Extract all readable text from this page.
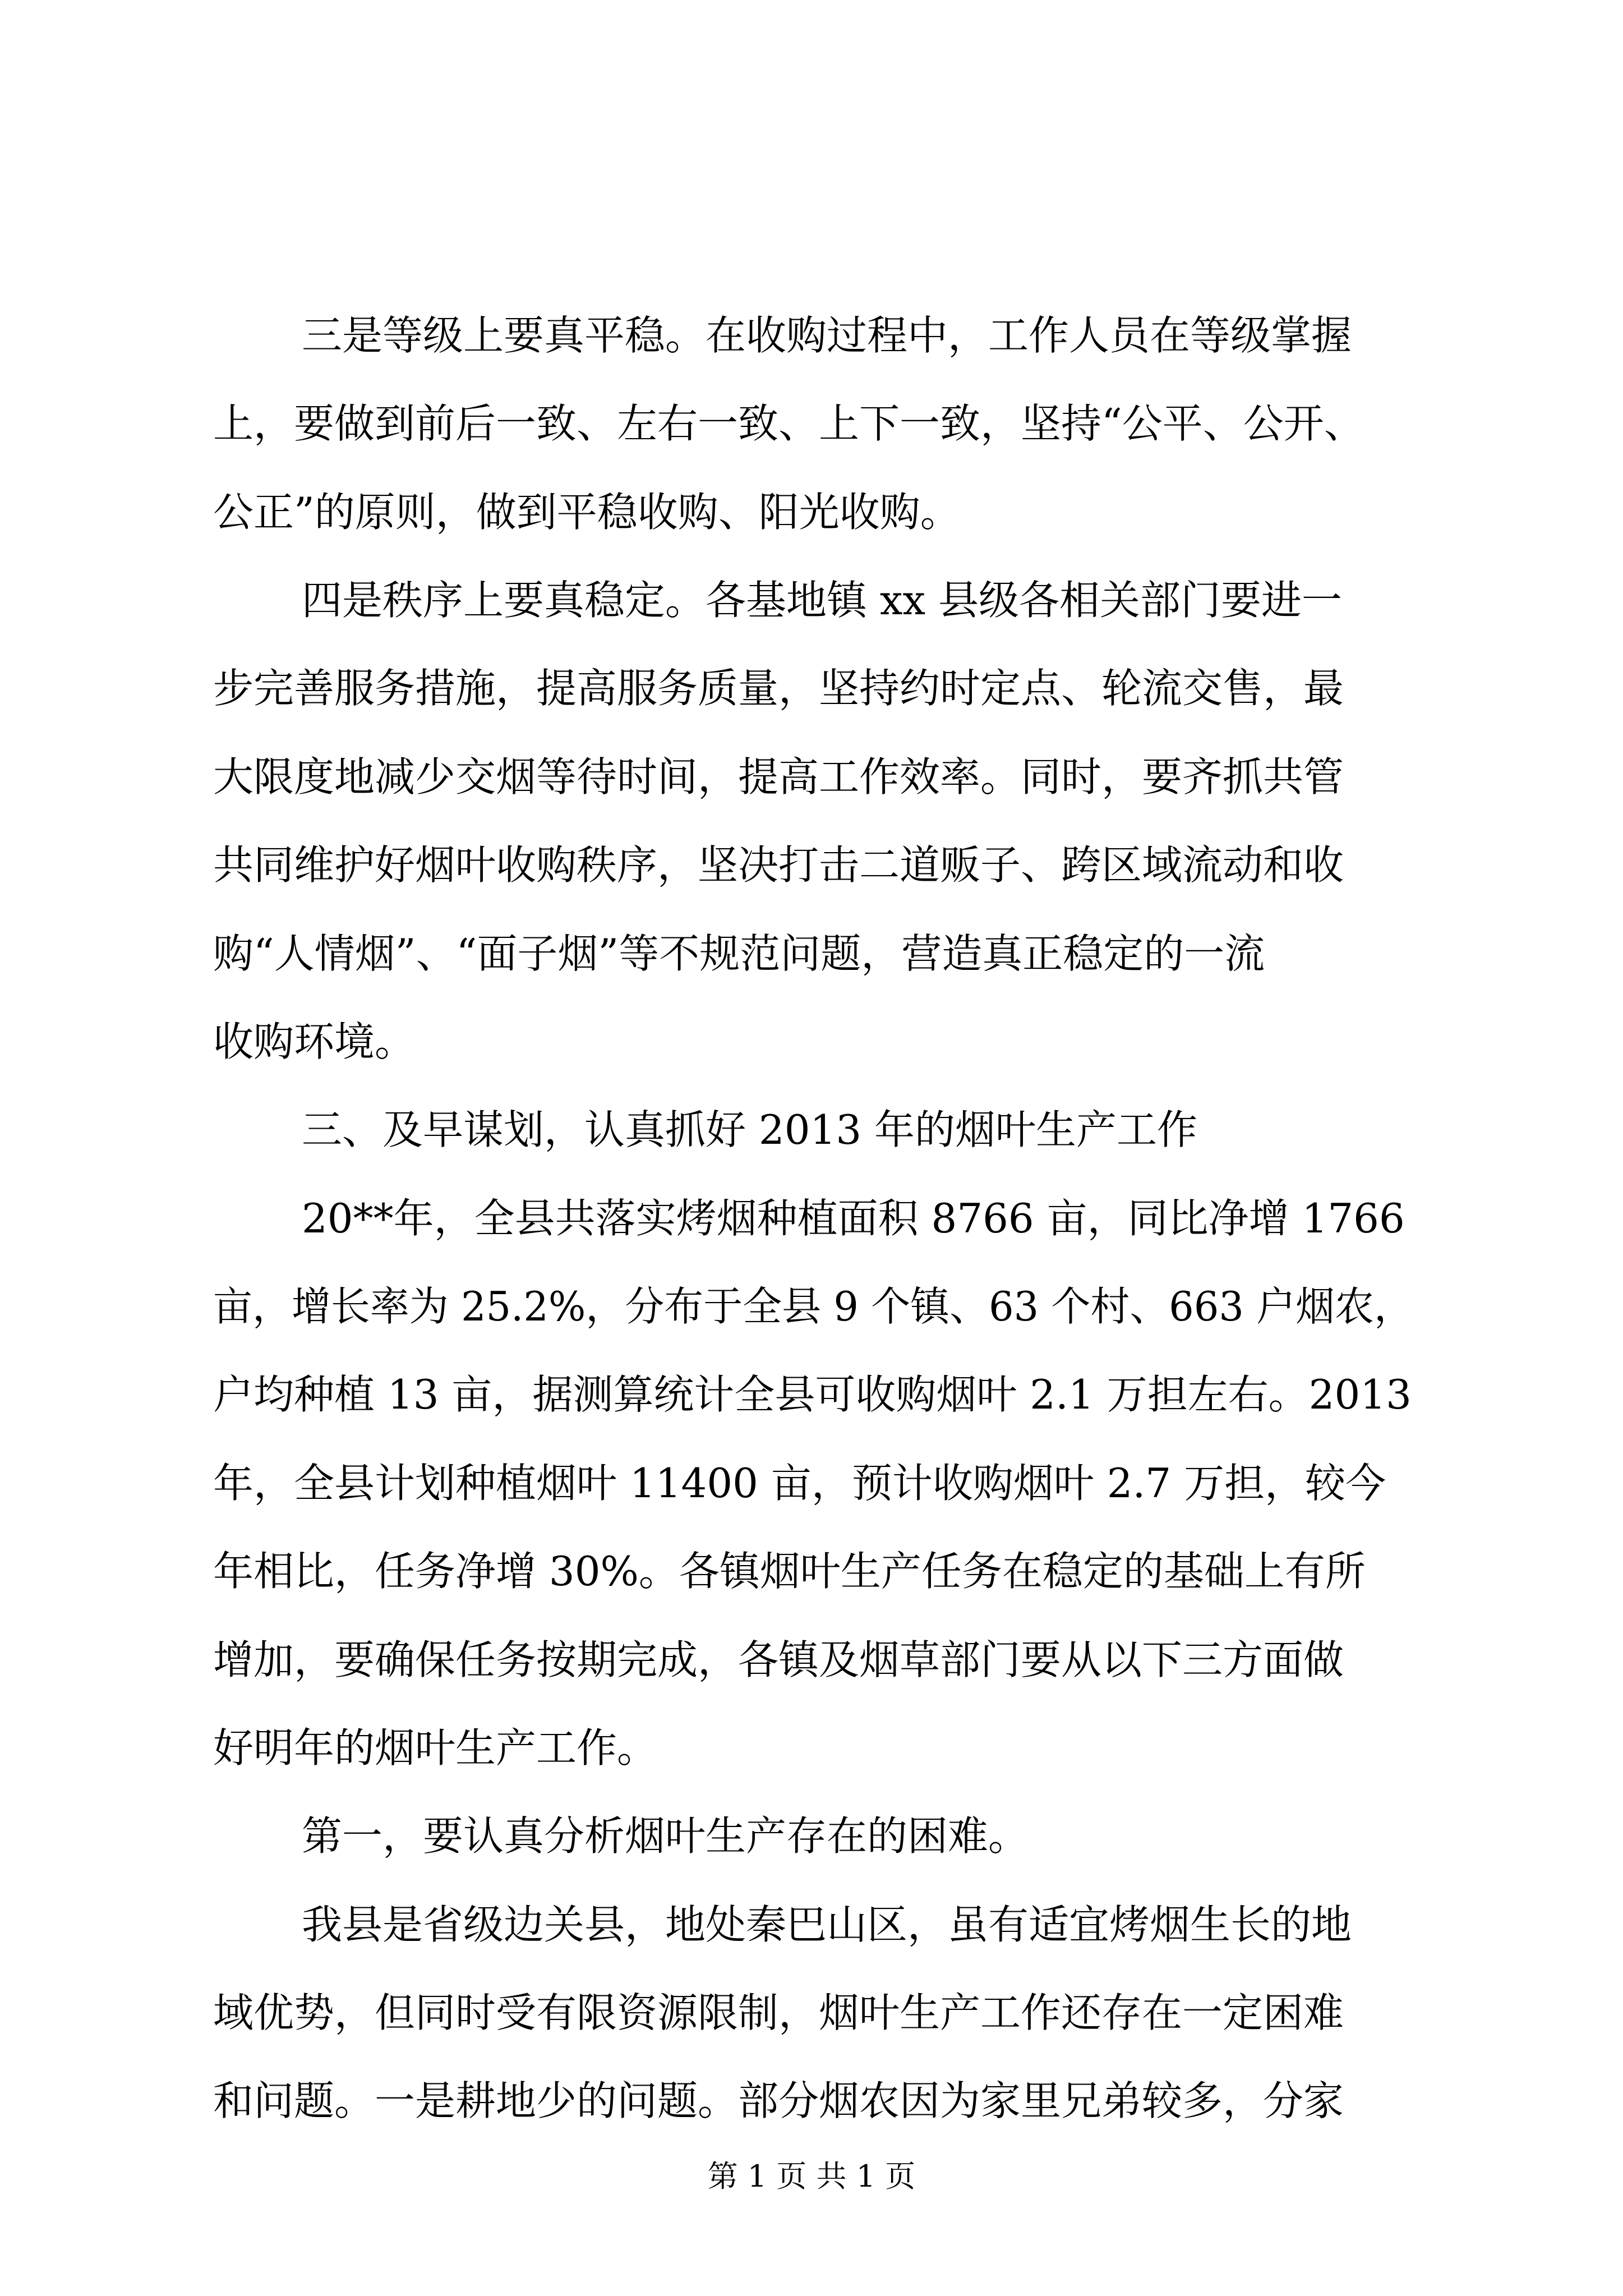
三是等级上要真平稳。在收购过程中，工作人员在等级掌握

上，要做到前后一致、左右一致、上下一致，坚持“公平、公开、

公正”的原则，做到平稳收购、阳光收购。

四是秩序上要真稳定。各基地镇 xx 县级各相关部门要进一

步完善服务措施，提高服务质量，坚持约时定点、轮流交售，最

大限度地减少交烟等待时间，提高工作效率。同时，要齐抓共管

共同维护好烟叶收购秩序，坚决打击二道贩子、跨区域流动和收

购“人情烟”、“面子烟”等不规范问题，营造真正稳定的一流

收购环境。

三、及早谋划，认真抓好 2013 年的烟叶生产工作

20**年，全县共落实烤烟种植面积 8766 亩，同比净增 1766

亩，增长率为 25.2%，分布于全县 9 个镇、63 个村、663 户烟农，

户均种植 13 亩，据测算统计全县可收购烟叶 2.1 万担左右。2013

年，全县计划种植烟叶 11400 亩，预计收购烟叶 2.7 万担，较今

年相比，任务净增 30%。各镇烟叶生产任务在稳定的基础上有所

增加，要确保任务按期完成，各镇及烟草部门要从以下三方面做

好明年的烟叶生产工作。

第一，要认真分析烟叶生产存在的困难。

我县是省级边关县，地处秦巴山区，虽有适宜烤烟生长的地

域优势，但同时受有限资源限制，烟叶生产工作还存在一定困难

和问题。一是耕地少的问题。部分烟农因为家里兄弟较多，分家

第 1 页 共 1 页
